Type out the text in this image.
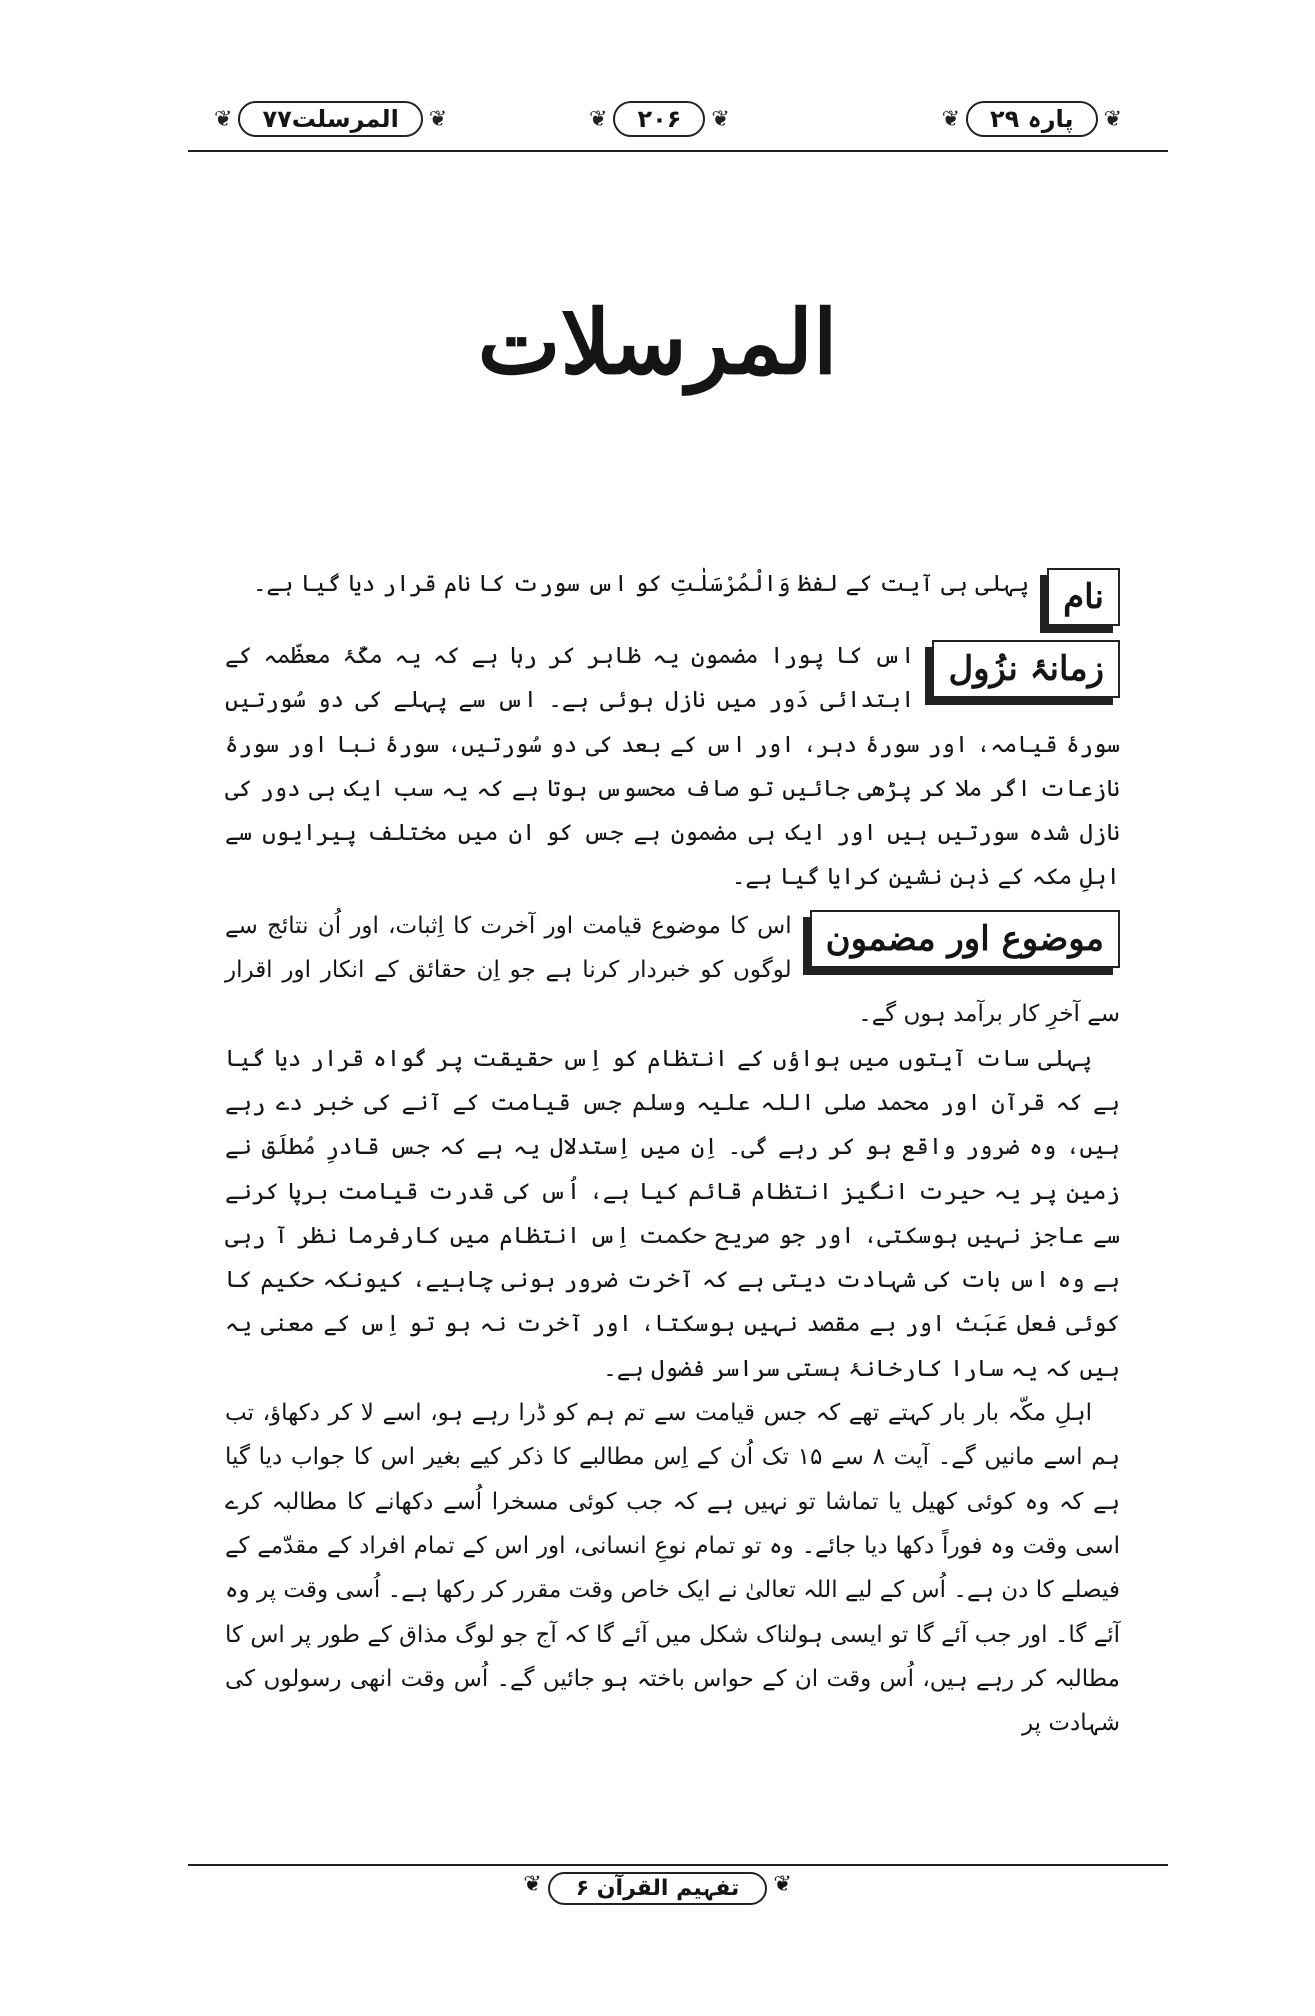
❦	پارہ ۲۹	❦
❦	۲۰۶	❦
❦	المرسلت۷۷	❦
المرسلات
نام

پہلی ہی آیت کے لفظ وَالْمُرْسَلٰتِ کو اس سورت کا نام قرار دیا گیا ہے۔

زمانۂ نزُول

اس کا پورا مضمون یہ ظاہر کر رہا ہے کہ یہ مکّۂ معظّمہ کے ابتدائی دَور میں نازل ہوئی ہے۔ اس سے پہلے کی دو سُورتیں سورۂ قیامہ، اور سورۂ دہر، اور اس کے بعد کی دو سُورتیں، سورۂ نبا اور سورۂ نازعات اگر ملا کر پڑھی جائیں تو صاف محسوس ہوتا ہے کہ یہ سب ایک ہی دور کی نازل شدہ سورتیں ہیں اور ایک ہی مضمون ہے جس کو ان میں مختلف پیرایوں سے اہلِ مکہ کے ذہن نشین کرایا گیا ہے۔

موضوع اور مضمون

اس کا موضوع قیامت اور آخرت کا اِثبات، اور اُن نتائج سے لوگوں کو خبردار کرنا ہے جو اِن حقائق کے انکار اور اقرار سے آخرِ کار برآمد ہوں گے۔

پہلی سات آیتوں میں ہواؤں کے انتظام کو اِس حقیقت پر گواہ قرار دیا گیا ہے کہ قرآن اور محمد صلی اللہ علیہ وسلم جس قیامت کے آنے کی خبر دے رہے ہیں، وہ ضرور واقع ہو کر رہے گی۔ اِن میں اِستدلال یہ ہے کہ جس قادرِ مُطلَق نے زمین پر یہ حیرت انگیز انتظام قائم کیا ہے، اُس کی قدرت قیامت برپا کرنے سے عاجز نہیں ہوسکتی، اور جو صریح حکمت اِس انتظام میں کارفرما نظر آ رہی ہے وہ اس بات کی شہادت دیتی ہے کہ آخرت ضرور ہونی چاہیے، کیونکہ حکیم کا کوئی فعل عَبَث اور بے مقصد نہیں ہوسکتا، اور آخرت نہ ہو تو اِس کے معنی یہ ہیں کہ یہ سارا کارخانۂ ہستی سراسر فضول ہے۔

اہلِ مکّہ بار بار کہتے تھے کہ جس قیامت سے تم ہم کو ڈرا رہے ہو، اسے لا کر دکھاؤ، تب ہم اسے مانیں گے۔ آیت ۸ سے ۱۵ تک اُن کے اِس مطالبے کا ذکر کیے بغیر اس کا جواب دیا گیا ہے کہ وہ کوئی کھیل یا تماشا تو نہیں ہے کہ جب کوئی مسخرا اُسے دکھانے کا مطالبہ کرے اسی وقت وہ فوراً دکھا دیا جائے۔ وہ تو تمام نوعِ انسانی، اور اس کے تمام افراد کے مقدّمے کے فیصلے کا دن ہے۔ اُس کے لیے اللہ تعالیٰ نے ایک خاص وقت مقرر کر رکھا ہے۔ اُسی وقت پر وہ آئے گا۔ اور جب آئے گا تو ایسی ہولناک شکل میں آئے گا کہ آج جو لوگ مذاق کے طور پر اس کا مطالبہ کر رہے ہیں، اُس وقت ان کے حواس باختہ ہو جائیں گے۔ اُس وقت انھی رسولوں کی شہادت پر

❦	تفہیم القرآن ۶	❦
